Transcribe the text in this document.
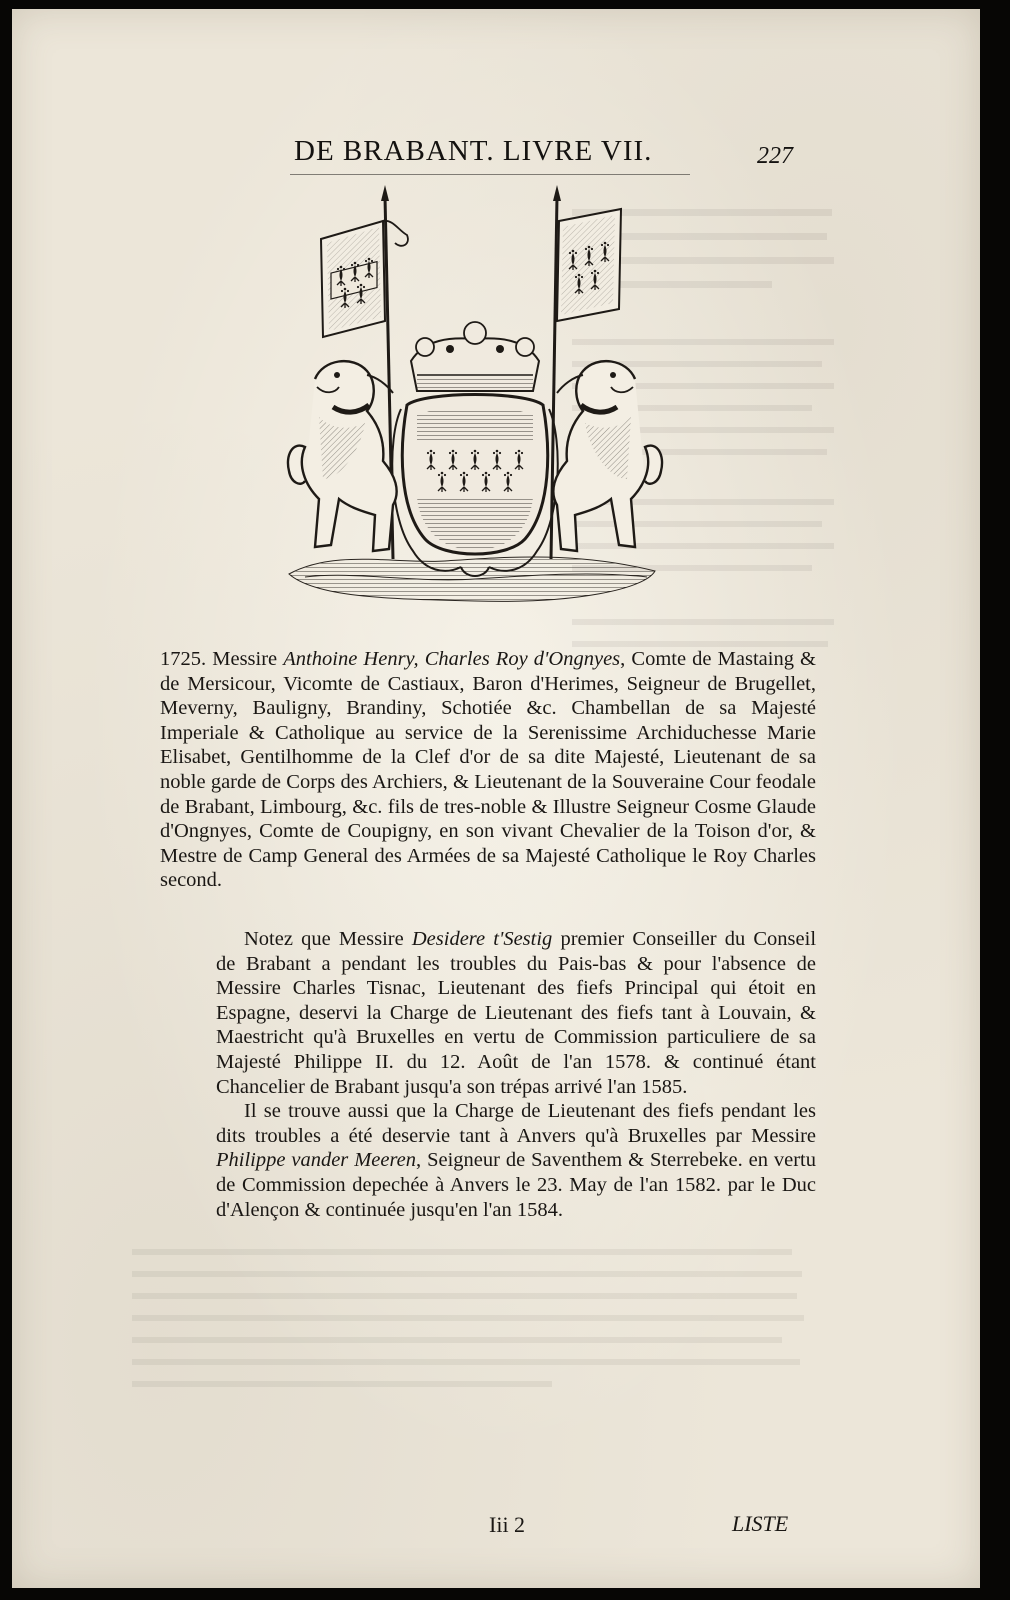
DE BRABANT. LIVRE VII.	227
1725. Messire Anthoine Henry, Charles Roy d'Ongnyes, Comte de Mastaing & de Mersicour, Vicomte de Castiaux, Baron d'Herimes, Seigneur de Brugellet, Meverny, Bauligny, Brandiny, Schotiée &c. Chambellan de sa Majesté Imperiale & Catholique au service de la Serenissime Archiduchesse Marie Elisabet, Gentilhomme de la Clef d'or de sa dite Majesté, Lieutenant de sa noble garde de Corps des Archiers, & Lieutenant de la Souveraine Cour feodale de Brabant, Limbourg, &c. fils de tres-noble & Illustre Seigneur Cosme Glaude d'Ongnyes, Comte de Coupigny, en son vivant Chevalier de la Toison d'or, & Mestre de Camp General des Armées de sa Majesté Catholique le Roy Charles second.

Notez que Messire Desidere t'Sestig premier Conseiller du Conseil de Brabant a pendant les troubles du Pais-bas & pour l'absence de Messire Charles Tisnac, Lieutenant des fiefs Principal qui étoit en Espagne, deservi la Charge de Lieutenant des fiefs tant à Louvain, & Maestricht qu'à Bruxelles en vertu de Commission particuliere de sa Majesté Philippe II. du 12. Août de l'an 1578. & continué étant Chancelier de Brabant jusqu'a son trépas arrivé l'an 1585.

Il se trouve aussi que la Charge de Lieutenant des fiefs pendant les dits troubles a été deservie tant à Anvers qu'à Bruxelles par Messire Philippe vander Meeren, Seigneur de Saventhem & Sterrebeke. en vertu de Commission depechée à Anvers le 23. May de l'an 1582. par le Duc d'Alençon & continuée jusqu'en l'an 1584.

Iii 2	LISTE
